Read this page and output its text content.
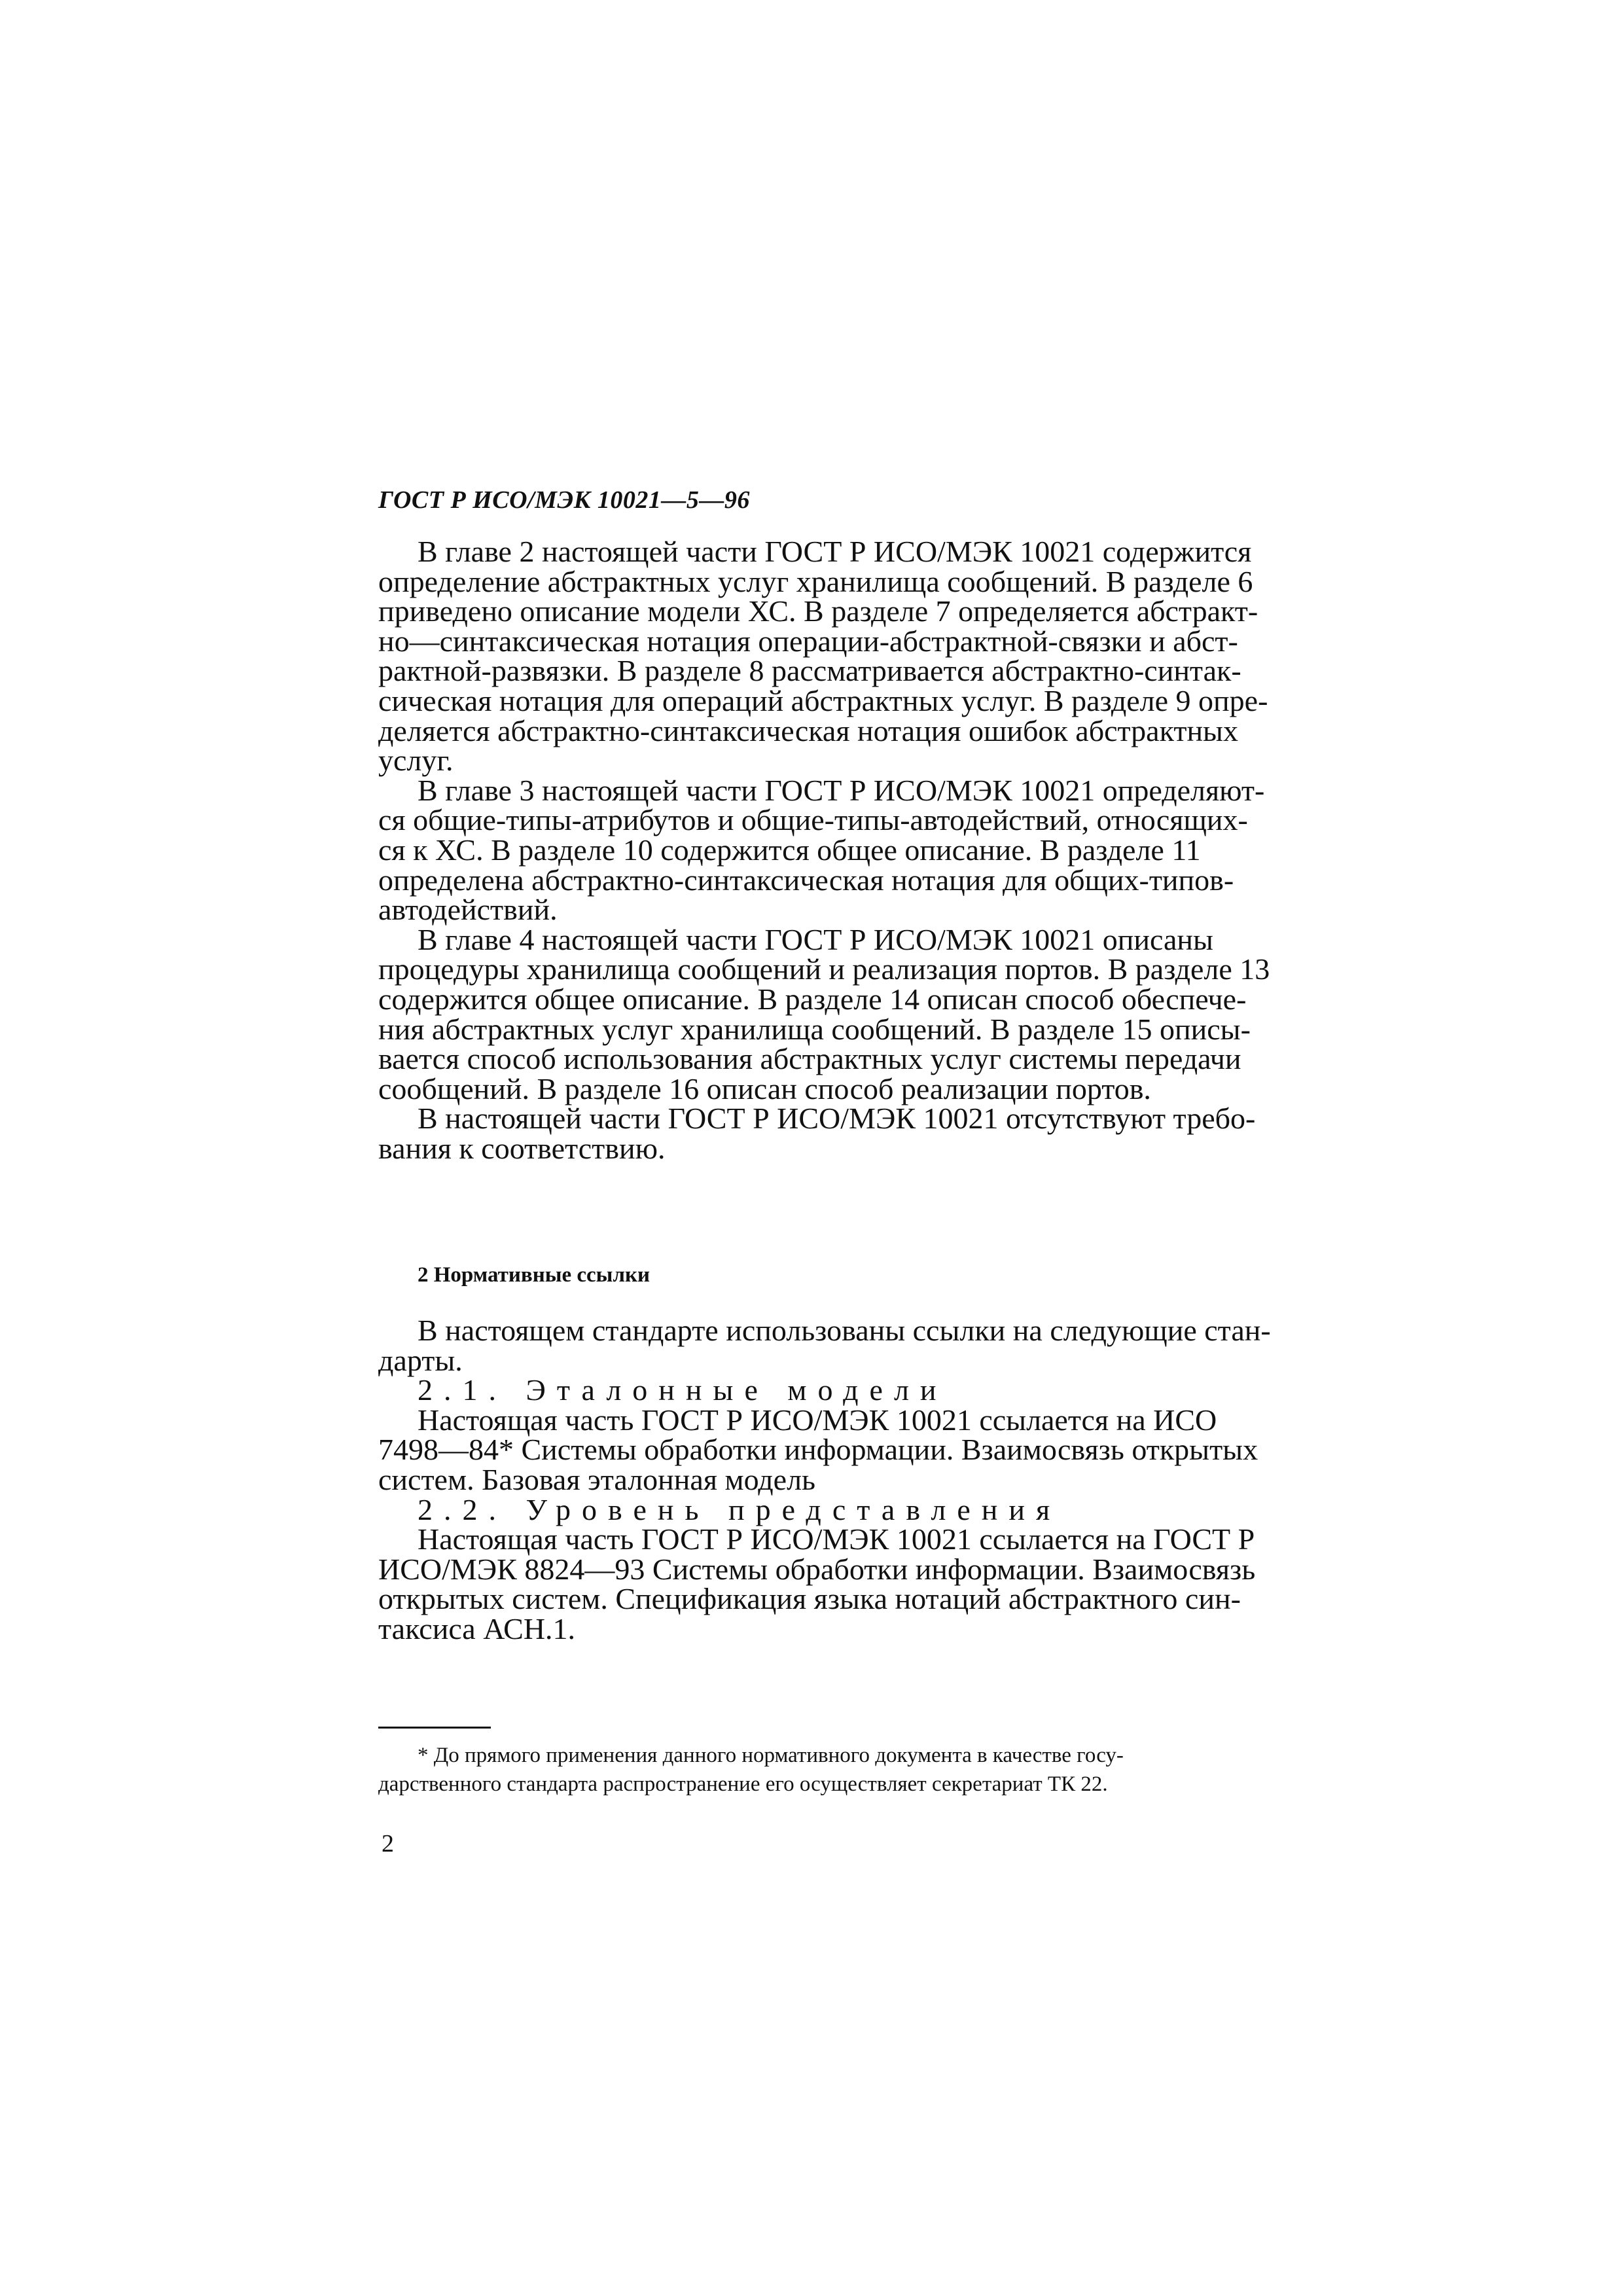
ГОСТ Р ИСО/МЭК 10021—5—96
В главе 2 настоящей части ГОСТ Р ИСО/МЭК 10021 содержится
определение абстрактных услуг хранилища сообщений. В разделе 6
приведено описание модели ХС. В разделе 7 определяется абстракт-
но—синтаксическая нотация операции-абстрактной-связки и абст-
рактной-развязки. В разделе 8 рассматривается абстрактно-синтак-
сическая нотация для операций абстрактных услуг. В разделе 9 опре-
деляется абстрактно-синтаксическая нотация ошибок абстрактных
услуг.
В главе 3 настоящей части ГОСТ Р ИСО/МЭК 10021 определяют-
ся общие-типы-атрибутов и общие-типы-автодействий, относящих-
ся к ХС. В разделе 10 содержится общее описание. В разделе 11
определена абстрактно-синтаксическая нотация для общих-типов-
автодействий.
В главе 4 настоящей части ГОСТ Р ИСО/МЭК 10021 описаны
процедуры хранилища сообщений и реализация портов. В разделе 13
содержится общее описание. В разделе 14 описан способ обеспече-
ния абстрактных услуг хранилища сообщений. В разделе 15 описы-
вается способ использования абстрактных услуг системы передачи
сообщений. В разделе 16 описан способ реализации портов.
В настоящей части ГОСТ Р ИСО/МЭК 10021 отсутствуют требо-
вания к соответствию.
2 Нормативные ссылки
В настоящем стандарте использованы ссылки на следующие стан-
дарты.
2.1. Эталонные модели
Настоящая часть ГОСТ Р ИСО/МЭК 10021 ссылается на ИСО
7498—84* Системы обработки информации. Взаимосвязь открытых
систем. Базовая эталонная модель
2.2. Уровень представления
Настоящая часть ГОСТ Р ИСО/МЭК 10021 ссылается на ГОСТ Р
ИСО/МЭК 8824—93 Системы обработки информации. Взаимосвязь
открытых систем. Спецификация языка нотаций абстрактного син-
таксиса АСН.1.
* До прямого применения данного нормативного документа в качестве госу-
дарственного стандарта распространение его осуществляет секретариат ТК 22.
2
